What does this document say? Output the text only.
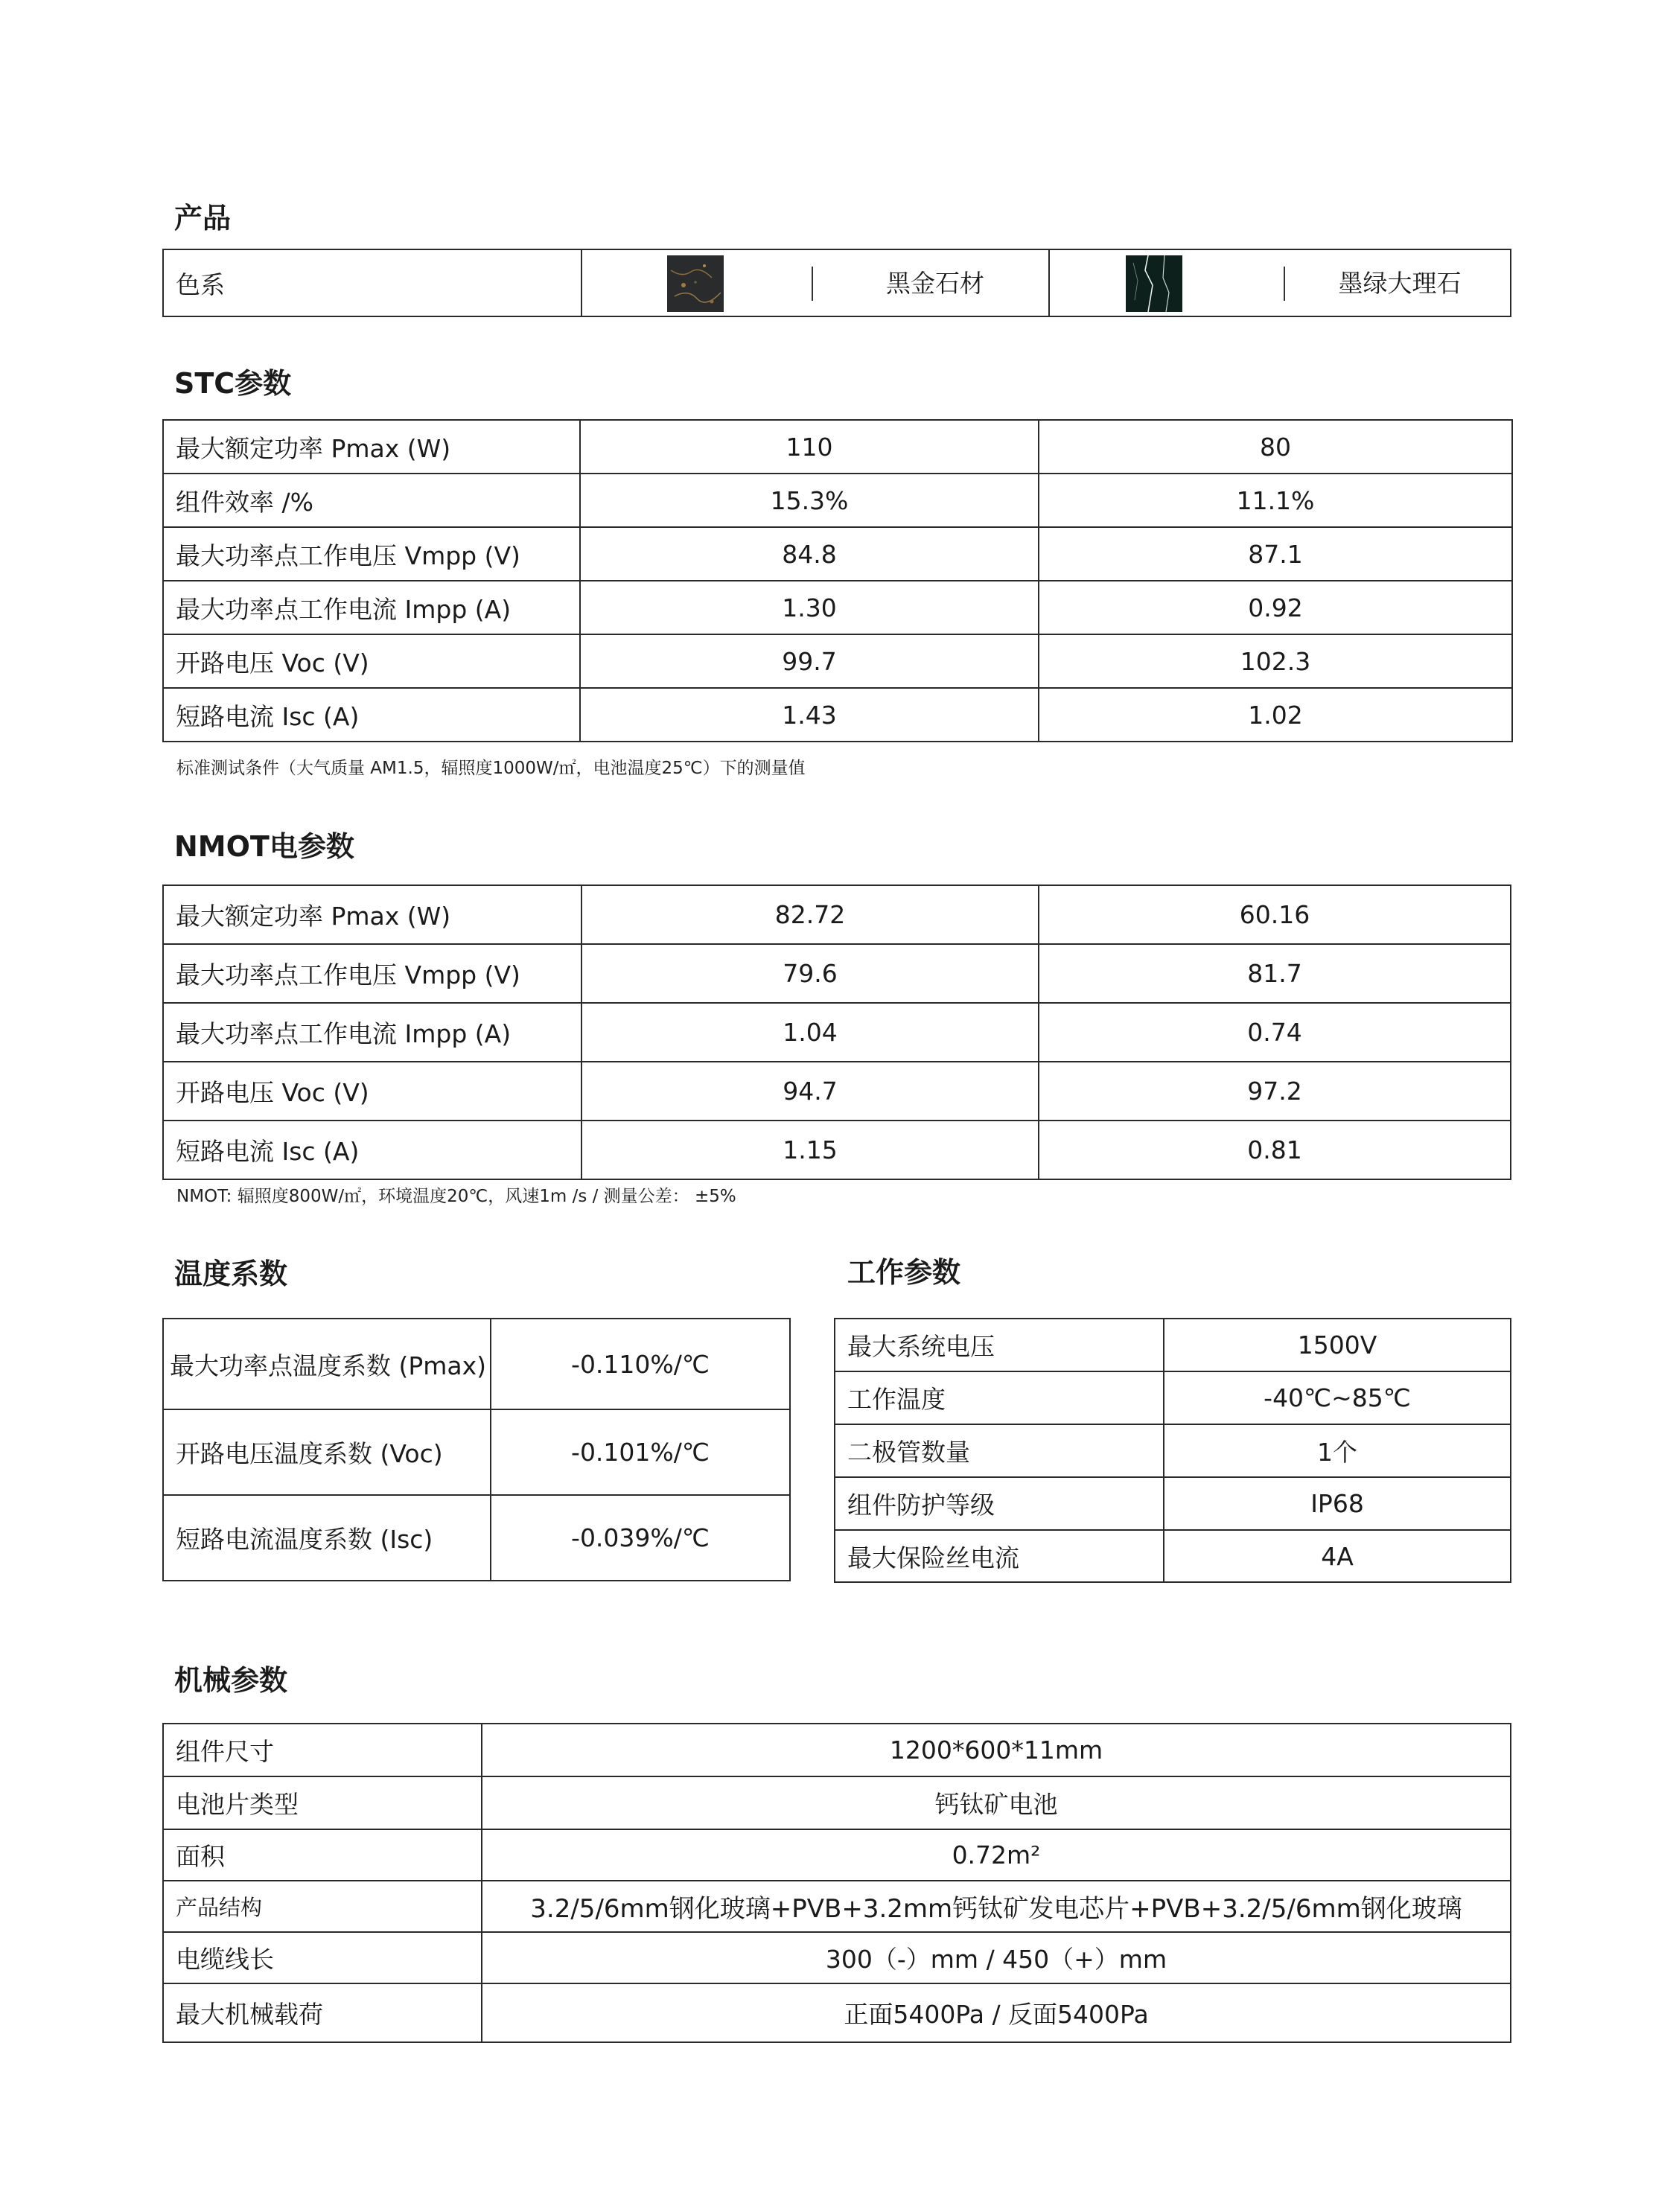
产品
色系	黑金石材	墨绿大理石
STC参数
最大额定功率 Pmax (W)	110	80
组件效率 /%	15.3%	11.1%
最大功率点工作电压 Vmpp (V)	84.8	87.1
最大功率点工作电流 Impp (A)	1.30	0.92
开路电压 Voc (V)	99.7	102.3
短路电流 Isc (A)	1.43	1.02
标准测试条件（大气质量 AM1.5，辐照度1000W/㎡，电池温度25℃）下的测量值
NMOT电参数
最大额定功率 Pmax (W)	82.72	60.16
最大功率点工作电压 Vmpp (V)	79.6	81.7
最大功率点工作电流 Impp (A)	1.04	0.74
开路电压 Voc (V)	94.7	97.2
短路电流 Isc (A)	1.15	0.81
NMOT: 辐照度800W/㎡，环境温度20℃，风速1m /s / 测量公差： ±5%
温度系数
最大功率点温度系数 (Pmax)	-0.110%/℃
开路电压温度系数 (Voc)	-0.101%/℃
短路电流温度系数 (Isc)	-0.039%/℃
工作参数
最大系统电压	1500V
工作温度	-40℃~85℃
二极管数量	1个
组件防护等级	IP68
最大保险丝电流	4A
机械参数
组件尺寸	1200*600*11mm
电池片类型	钙钛矿电池
面积	0.72m²
产品结构	3.2/5/6mm钢化玻璃+PVB+3.2mm钙钛矿发电芯片+PVB+3.2/5/6mm钢化玻璃
电缆线长	300（-）mm / 450（+）mm
最大机械载荷	正面5400Pa / 反面5400Pa
